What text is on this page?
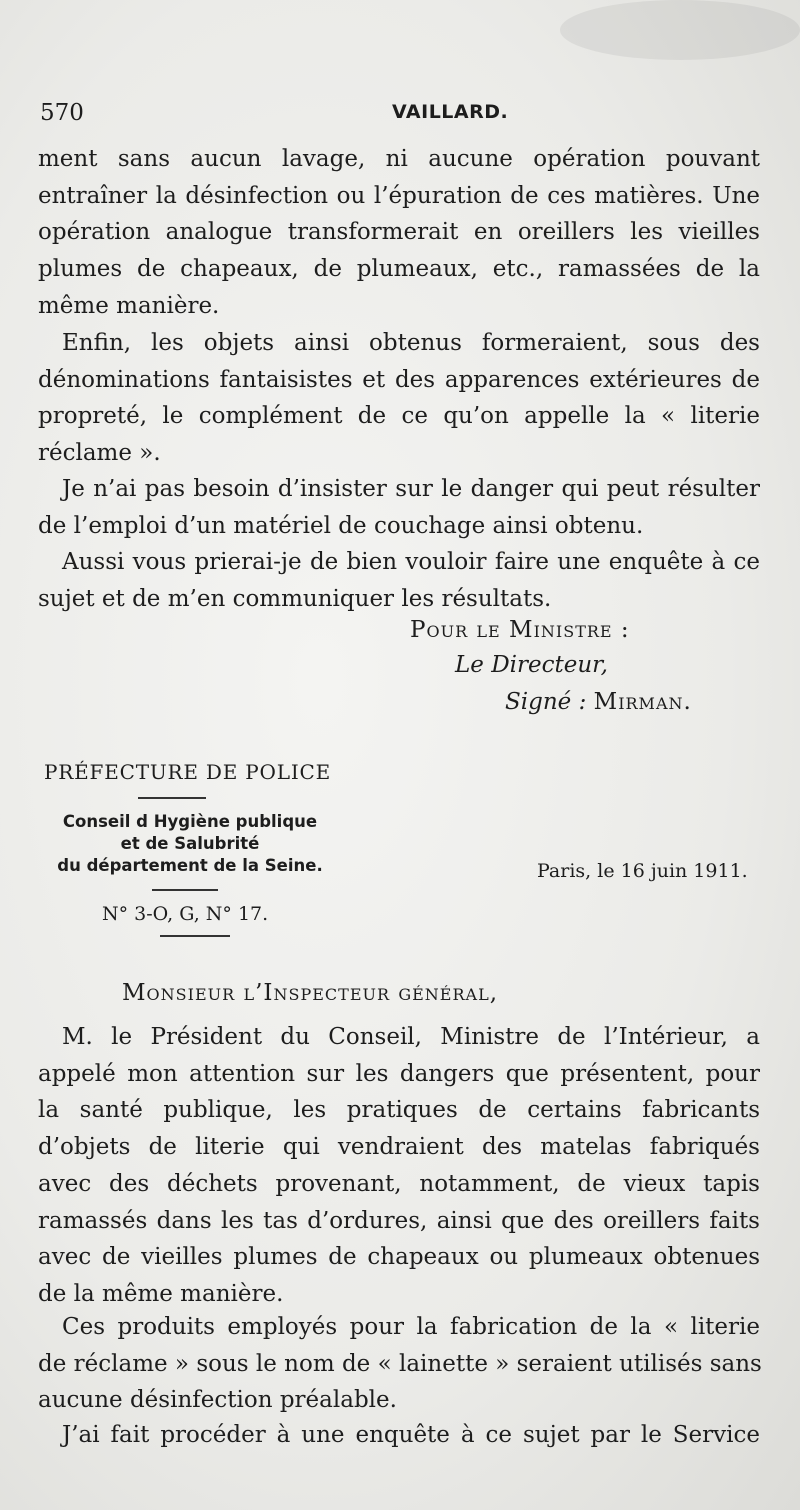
570	VAILLARD.
ment sans aucun lavage, ni aucune opération pouvant
entraîner la désinfection ou l’épuration de ces matières. Une
opération analogue transformerait en oreillers les vieilles
plumes de chapeaux, de plumeaux, etc., ramassées de la
même manière.
Enfin, les objets ainsi obtenus formeraient, sous des
dénominations fantaisistes et des apparences extérieures de
propreté, le complément de ce qu’on appelle la « literie
réclame ».
Je n’ai pas besoin d’insister sur le danger qui peut résulter
de l’emploi d’un matériel de couchage ainsi obtenu.
Aussi vous prierai-je de bien vouloir faire une enquête à ce
sujet et de m’en communiquer les résultats.
Pour le Ministre :
Le Directeur,
Signé : Mirman.
PRÉFECTURE DE POLICE
Conseil d Hygiène publique
et de Salubrité
du département de la Seine.	Paris, le 16 juin 1911.
N° 3-O, G, N° 17.
Monsieur l’Inspecteur général,
M. le Président du Conseil, Ministre de l’Intérieur, a
appelé mon attention sur les dangers que présentent, pour
la santé publique, les pratiques de certains fabricants
d’objets de literie qui vendraient des matelas fabriqués
avec des déchets provenant, notamment, de vieux tapis
ramassés dans les tas d’ordures, ainsi que des oreillers faits
avec de vieilles plumes de chapeaux ou plumeaux obtenues
de la même manière.
Ces produits employés pour la fabrication de la « literie
de réclame » sous le nom de « lainette » seraient utilisés sans
aucune désinfection préalable.
J’ai fait procéder à une enquête à ce sujet par le Service
